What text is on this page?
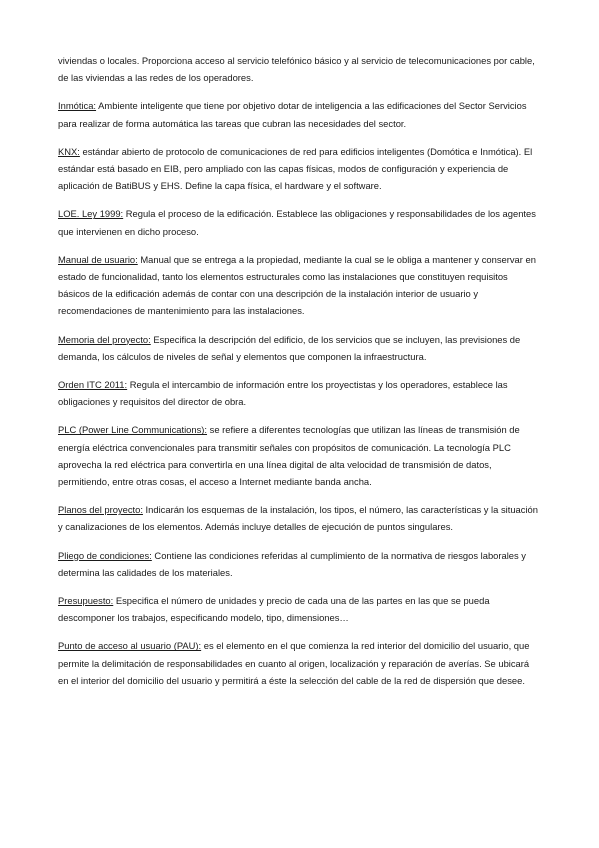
viviendas o locales. Proporciona acceso al servicio telefónico básico y al servicio de telecomunicaciones por cable, de las viviendas a las redes de los operadores.

Inmótica: Ambiente inteligente que tiene por objetivo dotar de inteligencia a las edificaciones del Sector Servicios para realizar de forma automática las tareas que cubran las necesidades del sector.

KNX: estándar abierto de protocolo de comunicaciones de red para edificios inteligentes (Domótica e Inmótica). El estándar está basado en EIB, pero ampliado con las capas físicas, modos de configuración y experiencia de aplicación de BatiBUS y EHS. Define la capa física, el hardware y el software.

LOE. Ley 1999: Regula el proceso de la edificación. Establece las obligaciones y responsabilidades de los agentes que intervienen en dicho proceso.

Manual de usuario: Manual que se entrega a la propiedad, mediante la cual se le obliga a mantener y conservar en estado de funcionalidad, tanto los elementos estructurales como las instalaciones que constituyen requisitos básicos de la edificación además de contar con una descripción de la instalación interior de usuario y recomendaciones de mantenimiento para las instalaciones.

Memoria del proyecto: Especifica la descripción del edificio, de los servicios que se incluyen, las previsiones de demanda, los cálculos de niveles de señal y elementos que componen la infraestructura.

Orden ITC 2011: Regula el intercambio de información entre los proyectistas y los operadores, establece las obligaciones y requisitos del director de obra.

PLC (Power Line Communications): se refiere a diferentes tecnologías que utilizan las líneas de transmisión de energía eléctrica convencionales para transmitir señales con propósitos de comunicación. La tecnología PLC aprovecha la red eléctrica para convertirla en una línea digital de alta velocidad de transmisión de datos, permitiendo, entre otras cosas, el acceso a Internet mediante banda ancha.

Planos del proyecto: Indicarán los esquemas de la instalación, los tipos, el número, las características y la situación y canalizaciones de los elementos. Además incluye detalles de ejecución de puntos singulares.

Pliego de condiciones: Contiene las condiciones referidas al cumplimiento de la normativa de riesgos laborales y determina las calidades de los materiales.

Presupuesto: Especifica el número de unidades y precio de cada una de las partes en las que se pueda descomponer los trabajos, especificando modelo, tipo, dimensiones…

Punto de acceso al usuario (PAU): es el elemento en el que comienza la red interior del domicilio del usuario, que permite la delimitación de responsabilidades en cuanto al origen, localización y reparación de averías. Se ubicará en el interior del domicilio del usuario y permitirá a éste la selección del cable de la red de dispersión que desee.
